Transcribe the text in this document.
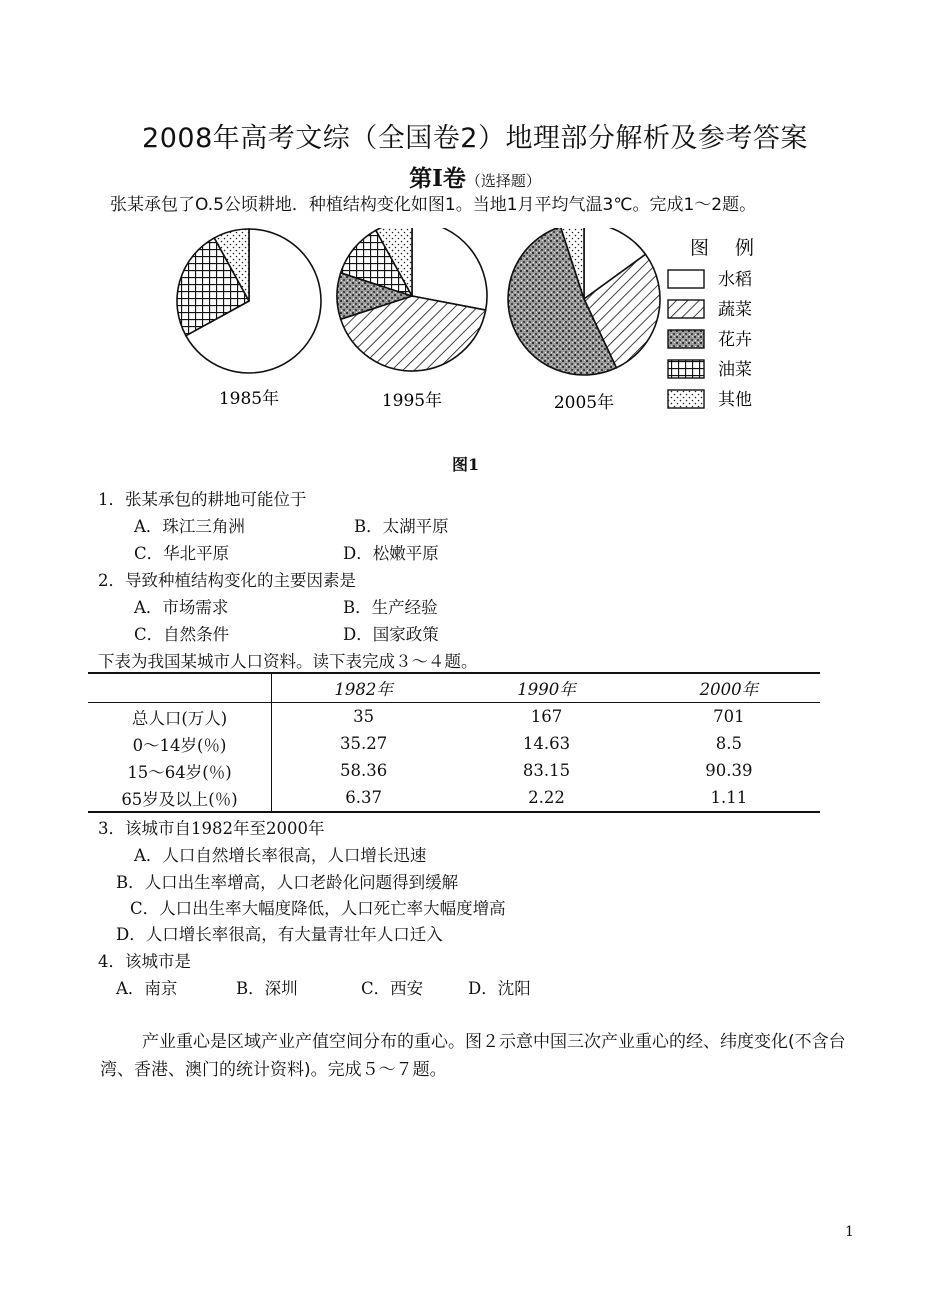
2008年高考文综（全国卷2）地理部分解析及参考答案
第Ⅰ卷（选择题）
张某承包了O.5公顷耕地．种植结构变化如图1。当地1月平均气温3℃。完成1～2题。
1985年	1995年	2005年
图 例
水稻
蔬菜
花卉
油菜
其他
图1
1．张某承包的耕地可能位于
A．珠江三角洲	B．太湖平原
C．华北平原	D．松嫩平原
2．导致种植结构变化的主要因素是
A．市场需求	B．生产经验
C．自然条件	D．国家政策
下表为我国某城市人口资料。读下表完成３～４题。
	1982年	1990年	2000年
总人口(万人)	35	167	701
0～14岁(％)	35.27	14.63	8.5
15～64岁(％)	58.36	83.15	90.39
65岁及以上(％)	6.37	2.22	1.11
3．该城市自1982年至2000年
A．人口自然增长率很高，人口增长迅速
B．人口出生率增高，人口老龄化问题得到缓解
C．人口出生率大幅度降低，人口死亡率大幅度增高
D．人口增长率很高，有大量青壮年人口迁入
4．该城市是
A．南京	B．深圳	C．西安	D．沈阳
产业重心是区域产业产值空间分布的重心。图２示意中国三次产业重心的经、纬度变化(不含台湾、香港、澳门的统计资料)。完成５～７题。
1
